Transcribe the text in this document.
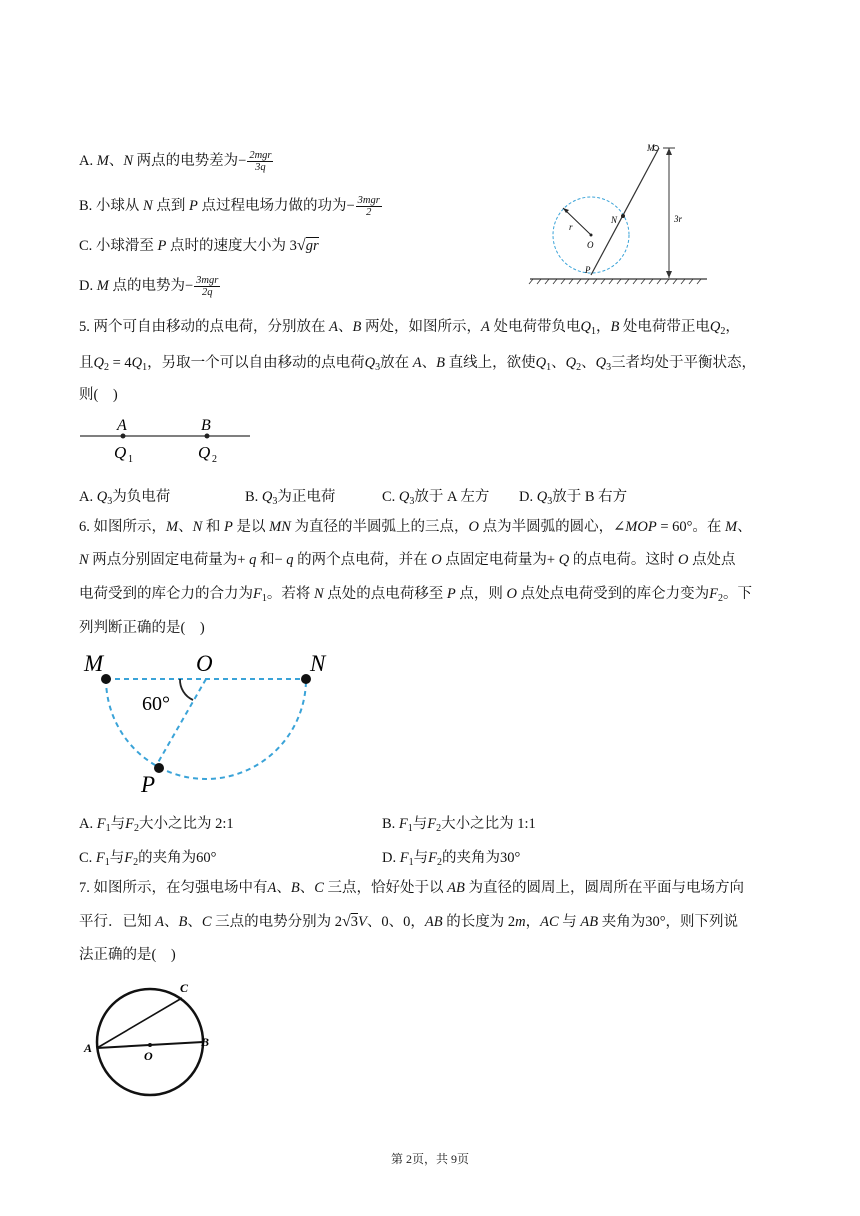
A. M、N 两点的电势差为− $\frac{\text{2mgr}}{3q}$
B. 小球从 N 点到 P 点过程电场力做的功为− $\frac{\text{3mgr}}{2}$
C. 小球滑至 P 点时的速度大小为 3√gr
D. M 点的电势为− $\frac{\text{3mgr}}{2q}$
M
N
O
P
r
3r
5. 两个可自由移动的点电荷，分别放在 A、B 两处，如图所示，A 处电荷带负电$Q_1$，B 处电荷带正电$Q_2$，
且$Q_2 = 4Q_1$，另取一个可以自由移动的点电荷$Q_3$放在 A、B 直线上，欲使$Q_1$、$Q_2$、$Q_3$三者均处于平衡状态，
则(　)
A	B
Q 1	Q 2
A. $Q_3$为负电荷	B. $Q_3$为正电荷	C. $Q_3$放于 A 左方 D. $Q_3$放于 B 右方
6. 如图所示，M、N 和 P 是以 MN 为直径的半圆弧上的三点，O 点为半圆弧的圆心，∠MOP = 60°。在 M、
N 两点分别固定电荷量为+ q 和− q 的两个点电荷，并在 O 点固定电荷量为+ Q 的点电荷。这时 O 点处点
电荷受到的库仑力的合力为$F_1$。若将 N 点处的点电荷移至 P 点，则 O 点处点电荷受到的库仑力变为$F_2$。下
列判断正确的是(　)
M	O	N
P
60°
A. $F_1$与$F_2$大小之比为 2:1	B. $F_1$与$F_2$大小之比为 1:1
C. $F_1$与$F_2$的夹角为60°	D. $F_1$与$F_2$的夹角为30°
7. 如图所示，在匀强电场中有A、B、C 三点，恰好处于以 AB 为直径的圆周上，圆周所在平面与电场方向
平行．已知 A、B、C 三点的电势分别为 2√3V、0、0，AB 的长度为 2m，AC 与 AB 夹角为30°，则下列说
法正确的是(　)
A	B
C
O
第 2页，共 9页
